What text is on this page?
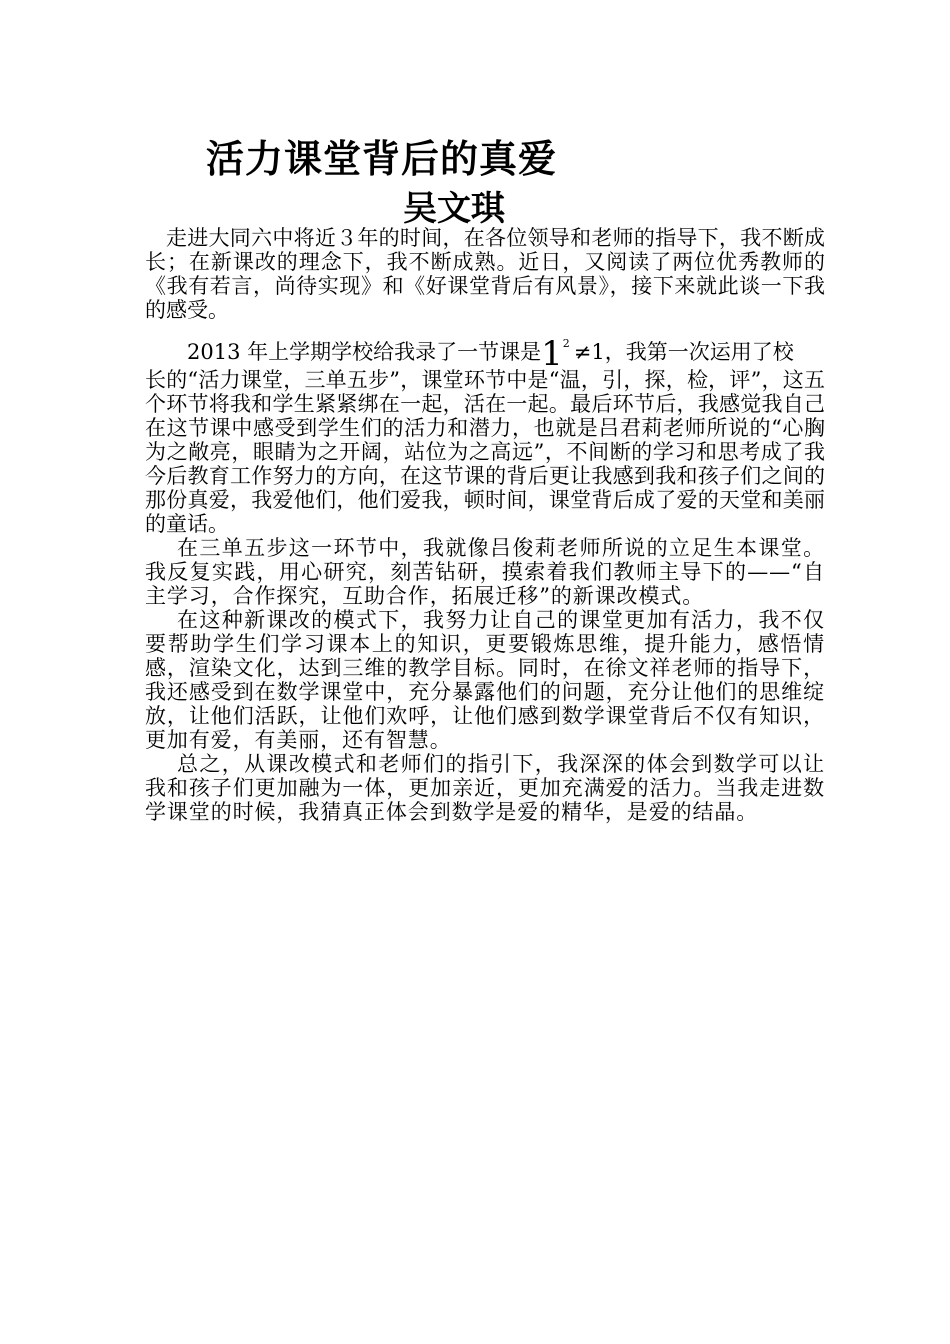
活力课堂背后的真爱
吴文琪

走进大同六中将近３年的时间，在各位领导和老师的指导下，我不断成长；在新课改的理念下，我不断成熟。近日，又阅读了两位优秀教师的《我有若言，尚待实现》和《好课堂背后有风景》，接下来就此谈一下我的感受。

2013 年上学期学校给我录了一节课是$1^2 \ne 1$，我第一次运用了校
长的“活力课堂，三单五步”，课堂环节中是“温，引，探，检，评”，这五个环节将我和学生紧紧绑在一起，活在一起。最后环节后，我感觉我自己在这节课中感受到学生们的活力和潜力，也就是吕君莉老师所说的“心胸为之敞亮，眼睛为之开阔，站位为之高远”，不间断的学习和思考成了我今后教育工作努力的方向，在这节课的背后更让我感到我和孩子们之间的那份真爱，我爱他们，他们爱我，顿时间，课堂背后成了爱的天堂和美丽的童话。

在三单五步这一环节中，我就像吕俊莉老师所说的立足生本课堂。我反复实践，用心研究，刻苦钻研，摸索着我们教师主导下的——“自主学习，合作探究，互助合作，拓展迁移”的新课改模式。

在这种新课改的模式下，我努力让自己的课堂更加有活力，我不仅要帮助学生们学习课本上的知识，更要锻炼思维，提升能力，感悟情感，渲染文化，达到三维的教学目标。同时，在徐文祥老师的指导下，我还感受到在数学课堂中，充分暴露他们的问题，充分让他们的思维绽放，让他们活跃，让他们欢呼，让他们感到数学课堂背后不仅有知识，更加有爱，有美丽，还有智慧。

总之，从课改模式和老师们的指引下，我深深的体会到数学可以让我和孩子们更加融为一体，更加亲近，更加充满爱的活力。当我走进数学课堂的时候，我猜真正体会到数学是爱的精华，是爱的结晶。
